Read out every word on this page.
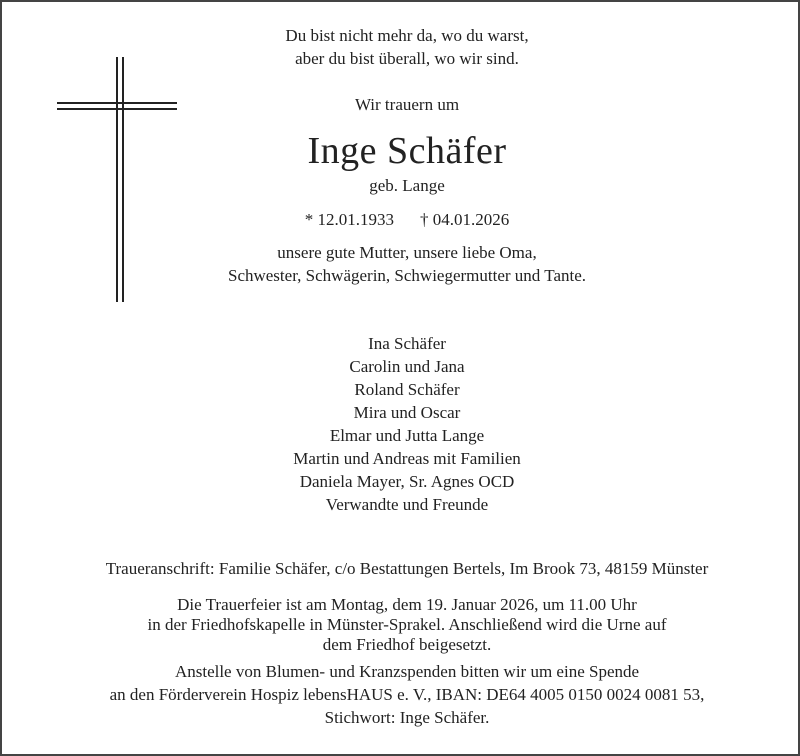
Du bist nicht mehr da, wo du warst,
aber du bist überall, wo wir sind.
Wir trauern um
Inge Schäfer
geb. Lange
* 12.01.1933 † 04.01.2026
unsere gute Mutter, unsere liebe Oma,
Schwester, Schwägerin, Schwiegermutter und Tante.
Ina Schäfer
Carolin und Jana
Roland Schäfer
Mira und Oscar
Elmar und Jutta Lange
Martin und Andreas mit Familien
Daniela Mayer, Sr. Agnes OCD
Verwandte und Freunde
Traueranschrift: Familie Schäfer, c/o Bestattungen Bertels, Im Brook 73, 48159 Münster
Die Trauerfeier ist am Montag, dem 19. Januar 2026, um 11.00 Uhr
in der Friedhofskapelle in Münster-Sprakel. Anschließend wird die Urne auf
dem Friedhof beigesetzt.
Anstelle von Blumen- und Kranzspenden bitten wir um eine Spende
an den Förderverein Hospiz lebensHAUS e. V., IBAN: DE64 4005 0150 0024 0081 53,
Stichwort: Inge Schäfer.
